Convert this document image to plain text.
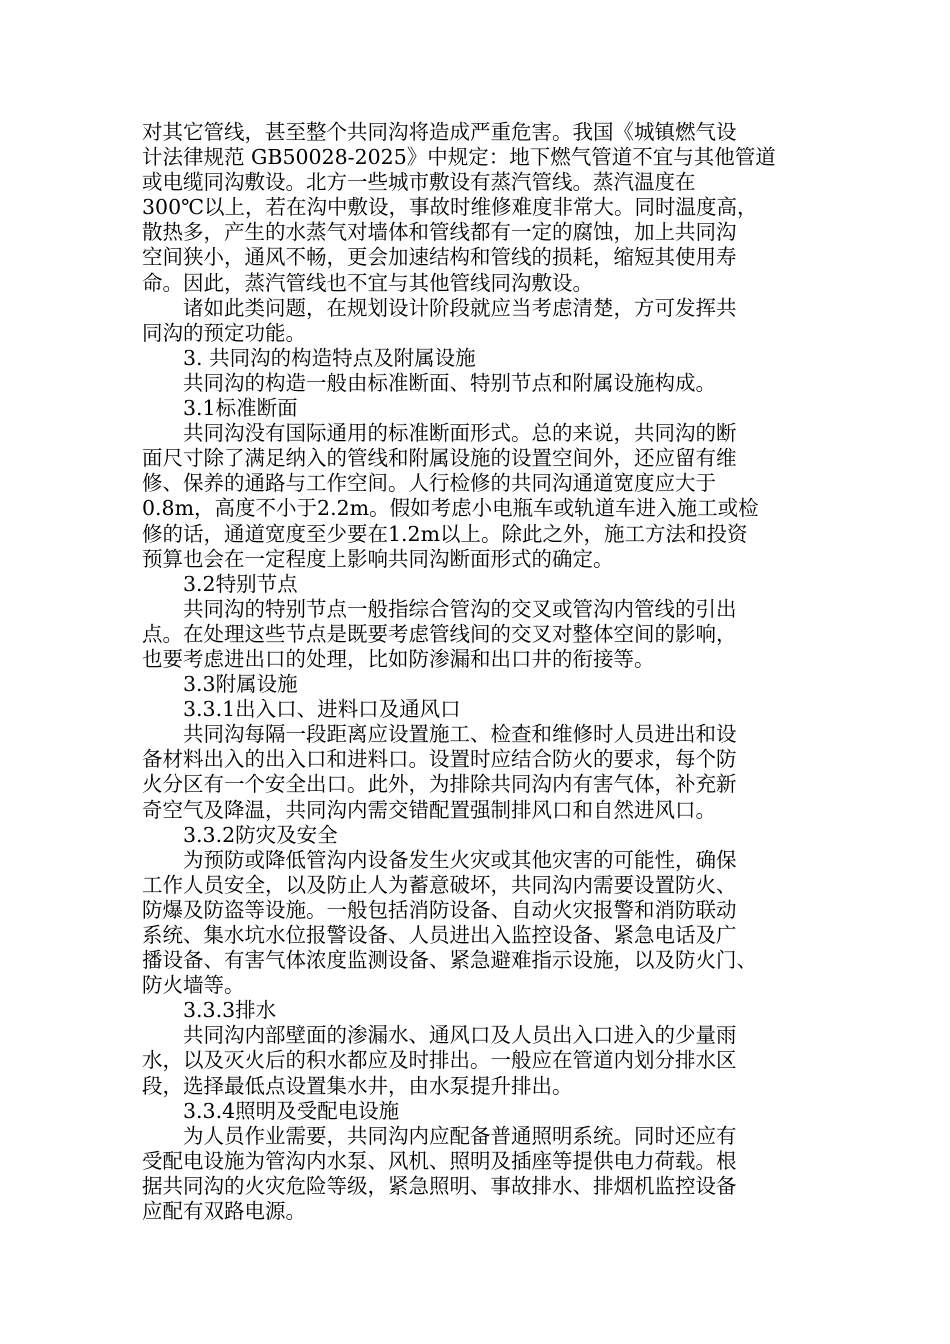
对其它管线，甚至整个共同沟将造成严重危害。我国《城镇燃气设
计法律规范 GB50028-2025》中规定：地下燃气管道不宜与其他管道
或电缆同沟敷设。北方一些城市敷设有蒸汽管线。蒸汽温度在
300℃以上，若在沟中敷设，事故时维修难度非常大。同时温度高，
散热多，产生的水蒸气对墙体和管线都有一定的腐蚀，加上共同沟
空间狭小，通风不畅，更会加速结构和管线的损耗，缩短其使用寿
命。因此，蒸汽管线也不宜与其他管线同沟敷设。
诸如此类问题，在规划设计阶段就应当考虑清楚，方可发挥共
同沟的预定功能。
3. 共同沟的构造特点及附属设施
共同沟的构造一般由标准断面、特别节点和附属设施构成。
3.1标准断面
共同沟没有国际通用的标准断面形式。总的来说，共同沟的断
面尺寸除了满足纳入的管线和附属设施的设置空间外，还应留有维
修、保养的通路与工作空间。人行检修的共同沟通道宽度应大于
0.8m，高度不小于2.2m。假如考虑小电瓶车或轨道车进入施工或检
修的话，通道宽度至少要在1.2m以上。除此之外，施工方法和投资
预算也会在一定程度上影响共同沟断面形式的确定。
3.2特别节点
共同沟的特别节点一般指综合管沟的交叉或管沟内管线的引出
点。在处理这些节点是既要考虑管线间的交叉对整体空间的影响，
也要考虑进出口的处理，比如防渗漏和出口井的衔接等。
3.3附属设施
3.3.1出入口、进料口及通风口
共同沟每隔一段距离应设置施工、检查和维修时人员进出和设
备材料出入的出入口和进料口。设置时应结合防火的要求，每个防
火分区有一个安全出口。此外，为排除共同沟内有害气体，补充新
奇空气及降温，共同沟内需交错配置强制排风口和自然进风口。
3.3.2防灾及安全
为预防或降低管沟内设备发生火灾或其他灾害的可能性，确保
工作人员安全，以及防止人为蓄意破坏，共同沟内需要设置防火、
防爆及防盗等设施。一般包括消防设备、自动火灾报警和消防联动
系统、集水坑水位报警设备、人员进出入监控设备、紧急电话及广
播设备、有害气体浓度监测设备、紧急避难指示设施，以及防火门、
防火墙等。
3.3.3排水
共同沟内部壁面的渗漏水、通风口及人员出入口进入的少量雨
水，以及灭火后的积水都应及时排出。一般应在管道内划分排水区
段，选择最低点设置集水井，由水泵提升排出。
3.3.4照明及受配电设施
为人员作业需要，共同沟内应配备普通照明系统。同时还应有
受配电设施为管沟内水泵、风机、照明及插座等提供电力荷载。根
据共同沟的火灾危险等级，紧急照明、事故排水、排烟机监控设备
应配有双路电源。
